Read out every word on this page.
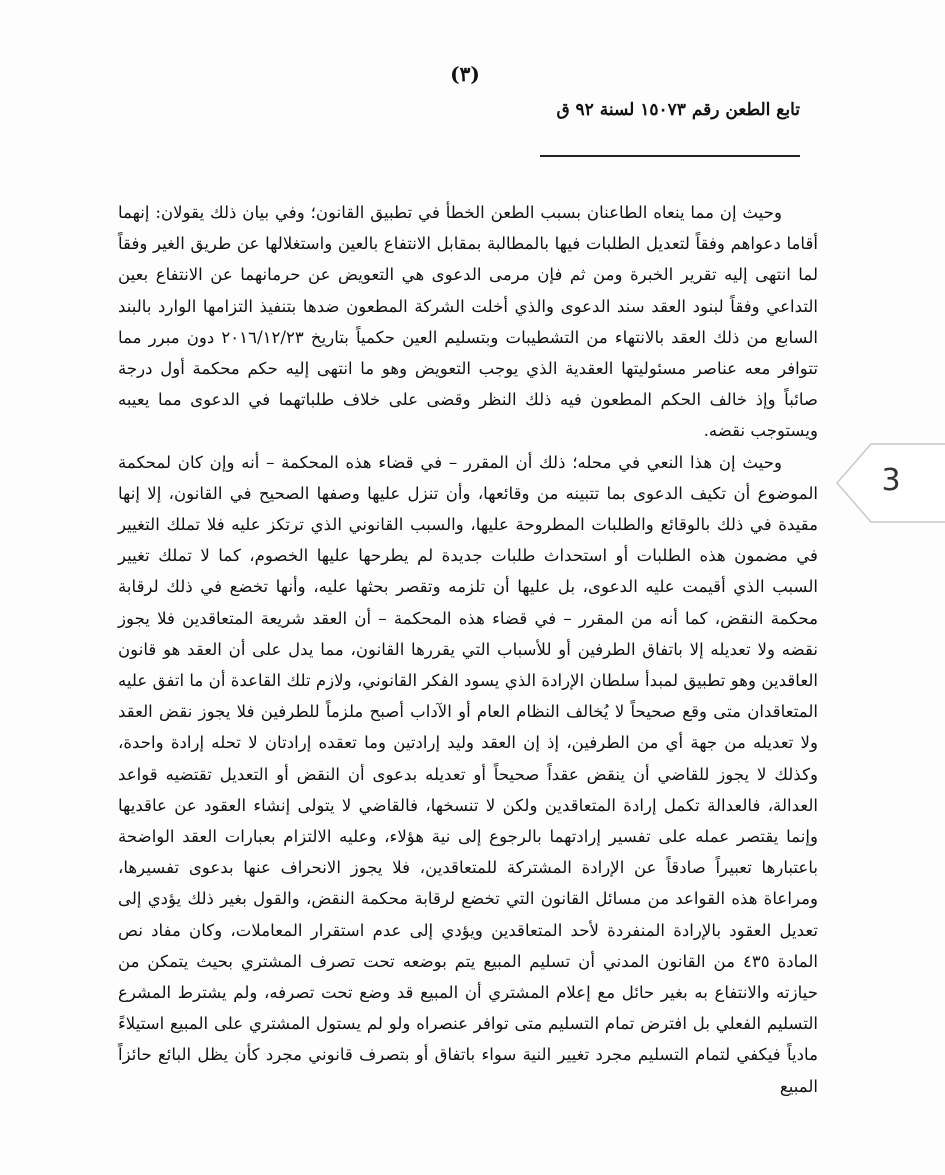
(٣)
تابع الطعن رقم ١٥٠٧٣ لسنة ٩٢ ق

وحيث إن مما ينعاه الطاعنان بسبب الطعن الخطأ في تطبيق القانون؛ وفي بيان ذلك يقولان: إنهما أقاما دعواهم وفقاً لتعديل الطلبات فيها بالمطالبة بمقابل الانتفاع بالعين واستغلالها عن طريق الغير وفقاً لما انتهى إليه تقرير الخبرة ومن ثم فإن مرمى الدعوى هي التعويض عن حرمانهما عن الانتفاع بعين التداعي وفقاً لبنود العقد سند الدعوى والذي أخلت الشركة المطعون ضدها بتنفيذ التزامها الوارد بالبند السابع من ذلك العقد بالانتهاء من التشطيبات وبتسليم العين حكمياً بتاريخ ٢٠١٦/١٢/٢٣ دون مبرر مما تتوافر معه عناصر مسئوليتها العقدية الذي يوجب التعويض وهو ما انتهى إليه حكم محكمة أول درجة صائباً وإذ خالف الحكم المطعون فيه ذلك النظر وقضى على خلاف طلباتهما في الدعوى مما يعيبه ويستوجب نقضه.

وحيث إن هذا النعي في محله؛ ذلك أن المقرر – في قضاء هذه المحكمة – أنه وإن كان لمحكمة الموضوع أن تكيف الدعوى بما تتبينه من وقائعها، وأن تنزل عليها وصفها الصحيح في القانون، إلا إنها مقيدة في ذلك بالوقائع والطلبات المطروحة عليها، والسبب القانوني الذي ترتكز عليه فلا تملك التغيير في مضمون هذه الطلبات أو استحداث طلبات جديدة لم يطرحها عليها الخصوم، كما لا تملك تغيير السبب الذي أقيمت عليه الدعوى، بل عليها أن تلزمه وتقصر بحثها عليه، وأنها تخضع في ذلك لرقابة محكمة النقض، كما أنه من المقرر – في قضاء هذه المحكمة – أن العقد شريعة المتعاقدين فلا يجوز نقضه ولا تعديله إلا باتفاق الطرفين أو للأسباب التي يقررها القانون، مما يدل على أن العقد هو قانون العاقدين وهو تطبيق لمبدأ سلطان الإرادة الذي يسود الفكر القانوني، ولازم تلك القاعدة أن ما اتفق عليه المتعاقدان متى وقع صحيحاً لا يُخالف النظام العام أو الآداب أصبح ملزماً للطرفين فلا يجوز نقض العقد ولا تعديله من جهة أي من الطرفين، إذ إن العقد وليد إرادتين وما تعقده إرادتان لا تحله إرادة واحدة، وكذلك لا يجوز للقاضي أن ينقض عقداً صحيحاً أو تعديله بدعوى أن النقض أو التعديل تقتضيه قواعد العدالة، فالعدالة تكمل إرادة المتعاقدين ولكن لا تنسخها، فالقاضي لا يتولى إنشاء العقود عن عاقديها وإنما يقتصر عمله على تفسير إرادتهما بالرجوع إلى نية هؤلاء، وعليه الالتزام بعبارات العقد الواضحة باعتبارها تعبيراً صادقاً عن الإرادة المشتركة للمتعاقدين، فلا يجوز الانحراف عنها بدعوى تفسيرها، ومراعاة هذه القواعد من مسائل القانون التي تخضع لرقابة محكمة النقض، والقول بغير ذلك يؤدي إلى تعديل العقود بالإرادة المنفردة لأحد المتعاقدين ويؤدي إلى عدم استقرار المعاملات، وكان مفاد نص المادة ٤٣٥ من القانون المدني أن تسليم المبيع يتم بوضعه تحت تصرف المشتري بحيث يتمكن من حيازته والانتفاع به بغير حائل مع إعلام المشتري أن المبيع قد وضع تحت تصرفه، ولم يشترط المشرع التسليم الفعلي بل افترض تمام التسليم متى توافر عنصراه ولو لم يستول المشتري على المبيع استيلاءً مادياً فيكفي لتمام التسليم مجرد تغيير النية سواء باتفاق أو بتصرف قانوني مجرد كأن يظل البائع حائزاً المبيع

3
